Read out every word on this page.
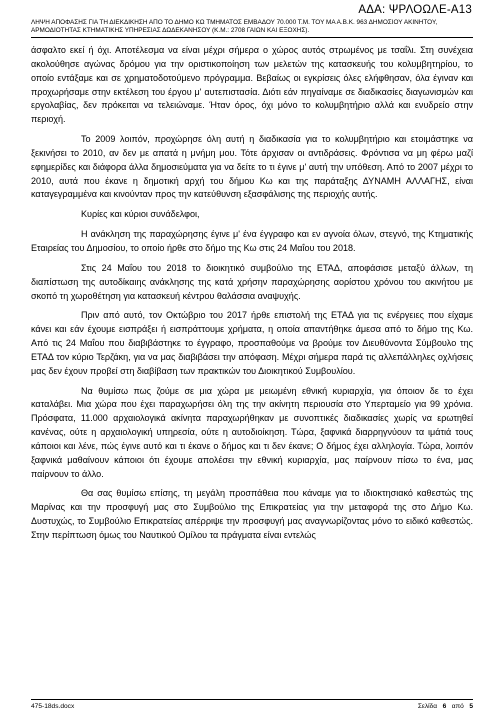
ΑΔΑ: ΨΡΛΟΩΛΕ-Α13
ΛΗΨΗ ΑΠΟΦΑΣΗΣ ΓΙΑ ΤΗ ΔΙΕΚΔΙΚΗΣΗ ΑΠΟ ΤΟ ΔΗΜΟ ΚΩ ΤΜΗΜΑΤΟΣ ΕΜΒΑΔΟΥ 70.000 Τ.Μ. ΤΟΥ ΜΑ Α.Β.Κ. 963 ΔΗΜΟΣΙΟΥ ΑΚΙΝΗΤΟΥ, ΑΡΜΟΔΙΟΤΗΤΑΣ ΚΤΗΜΑΤΙΚΗΣ ΥΠΗΡΕΣΙΑΣ ΔΩΔΕΚΑΝΗΣΟΥ (Κ.Μ.: 2708 ΓΑΙΩΝ ΚΑΙ ΕΞΟΧΗΣ).

άσφαλτο εκεί ή όχι. Αποτέλεσμα να είναι μέχρι σήμερα ο χώρος αυτός στρωμένος με τσαΐλι. Στη συνέχεια ακολούθησε αγώνας δρόμου για την οριστικοποίηση των μελετών της κατασκευής του κολυμβητηρίου, το οποίο εντάξαμε και σε χρηματοδοτούμενο πρόγραμμα. Βεβαίως οι εγκρίσεις όλες ελήφθησαν, όλα έγιναν και προχωρήσαμε στην εκτέλεση του έργου μ' αυτεπιστασία. Διότι εάν πηγαίναμε σε διαδικασίες διαγωνισμών και εργολαβίας, δεν πρόκειται να τελειώναμε. Ήταν όρος, όχι μόνο το κολυμβητήριο αλλά και ενυδρείο στην περιοχή.

Το 2009 λοιπόν, προχώρησε όλη αυτή η διαδικασία για το κολυμβητήριο και ετοιμάστηκε να ξεκινήσει το 2010, αν δεν με απατά η μνήμη μου. Τότε άρχισαν οι αντιδράσεις. Φρόντισα να μη φέρω μαζί εφημερίδες και διάφορα άλλα δημοσιεύματα για να δείτε το τι έγινε μ' αυτή την υπόθεση. Από το 2007 μέχρι το 2010, αυτά που έκανε η δημοτική αρχή του δήμου Κω και της παράταξης ΔΥΝΑΜΗ ΑΛΛΑΓΗΣ, είναι καταγεγραμμένα και κινούνταν προς την κατεύθυνση εξασφάλισης της περιοχής αυτής.

Κυρίες και κύριοι συνάδελφοι,

Η ανάκληση της παραχώρησης έγινε μ' ένα έγγραφο και εν αγνοία όλων, στεγνό, της Κτηματικής Εταιρείας του Δημοσίου, το οποίο ήρθε στο δήμο της Κω στις 24 Μαΐου του 2018.

Στις 24 Μαΐου του 2018 το διοικητικό συμβούλιο της ΕΤΑΔ, αποφάσισε μεταξύ άλλων, τη διαπίστωση της αυτοδίκαιης ανάκλησης της κατά χρήσην παραχώρησης αορίστου χρόνου του ακινήτου με σκοπό τη χωροθέτηση για κατασκευή κέντρου θαλάσσια αναψυχής.

Πριν από αυτό, τον Οκτώβριο του 2017 ήρθε επιστολή της ΕΤΑΔ για τις ενέργειες που είχαμε κάνει και εάν έχουμε εισπράξει ή εισπράττουμε χρήματα, η οποία απαντήθηκε άμεσα από το δήμο της Κω. Από τις 24 Μαΐου που διαβιβάστηκε το έγγραφο, προσπαθούμε να βρούμε τον Διευθύνοντα Σύμβουλο της ΕΤΑΔ τον κύριο Τερζάκη, για να μας διαβιβάσει την απόφαση. Μέχρι σήμερα παρά τις αλλεπάλληλες οχλήσεις μας δεν έχουν προβεί στη διαβίβαση των πρακτικών του Διοικητικού Συμβουλίου.

Να θυμίσω πως ζούμε σε μια χώρα με μειωμένη εθνική κυριαρχία, για όποιον δε το έχει καταλάβει. Μια χώρα που έχει παραχωρήσει όλη της την ακίνητη περιουσία στο Υπερταμείο για 99 χρόνια. Πρόσφατα, 11.000 αρχαιολογικά ακίνητα παραχωρήθηκαν με συνοπτικές διαδικασίες χωρίς να ερωτηθεί κανένας, ούτε η αρχαιολογική υπηρεσία, ούτε η αυτοδιοίκηση. Τώρα, ξαφνικά διαρρηγνύουν τα ιμάτιά τους κάποιοι και λένε, πώς έγινε αυτό και τι έκανε ο δήμος και τι δεν έκανε; Ο δήμος έχει αλληλογία. Τώρα, λοιπόν ξαφνικά μαθαίνουν κάποιοι ότι έχουμε απολέσει την εθνική κυριαρχία, μας παίρνουν πίσω το ένα, μας παίρνουν το άλλο.

Θα σας θυμίσω επίσης, τη μεγάλη προσπάθεια που κάναμε για το ιδιοκτησιακό καθεστώς της Μαρίνας και την προσφυγή μας στο Συμβούλιο της Επικρατείας για την μεταφορά της στο Δήμο Κω. Δυστυχώς, το Συμβούλιο Επικρατείας απέρριψε την προσφυγή μας αναγνωρίζοντας μόνο το ειδικό καθεστώς. Στην περίπτωση όμως του Ναυτικού Ομίλου τα πράγματα είναι εντελώς

475-18ds.docx	Σελίδα 6 από 5
